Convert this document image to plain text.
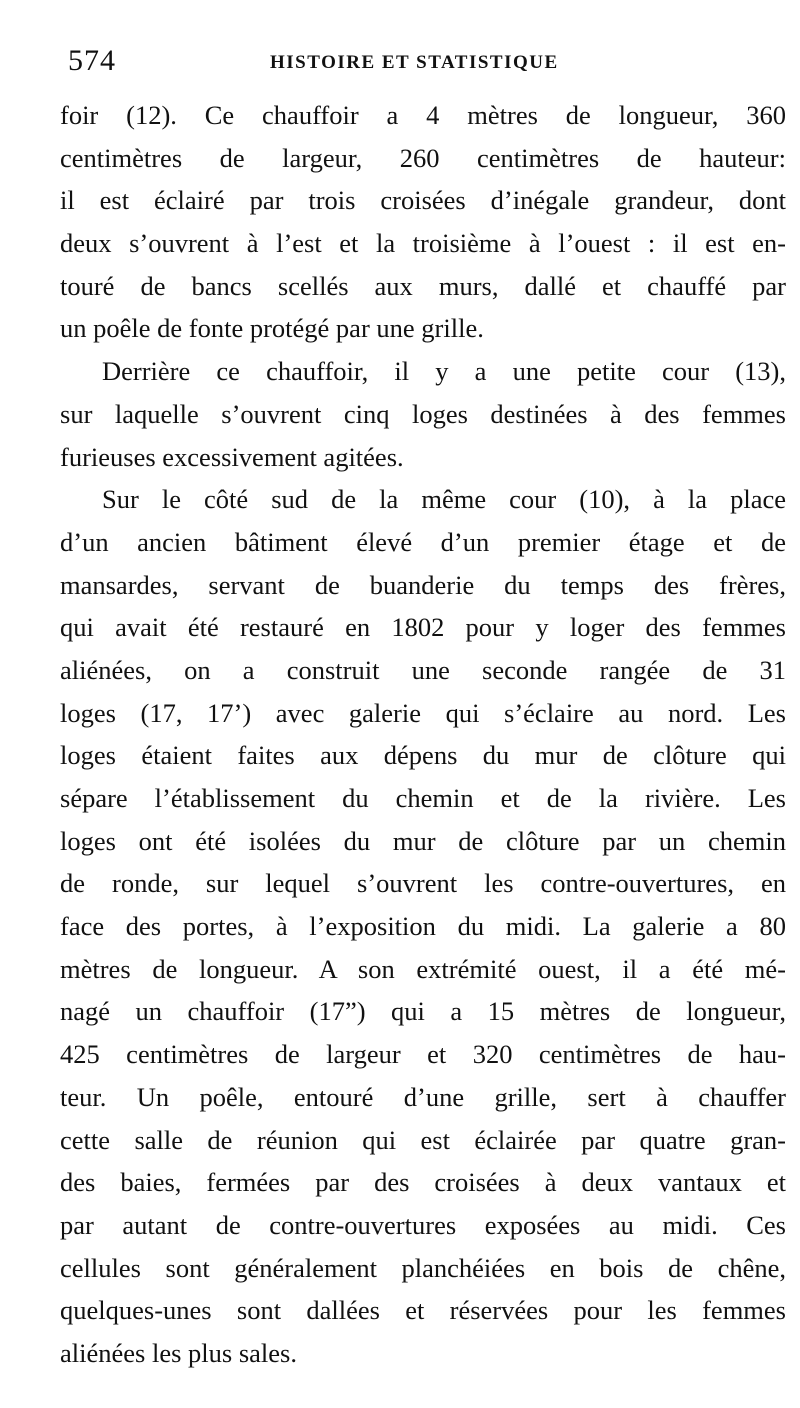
574	HISTOIRE ET STATISTIQUE
foir (12). Ce chauffoir a 4 mètres de longueur, 360
centimètres de largeur, 260 centimètres de hauteur:
il est éclairé par trois croisées d’inégale grandeur, dont
deux s’ouvrent à l’est et la troisième à l’ouest : il est en-
touré de bancs scellés aux murs, dallé et chauffé par
un poêle de fonte protégé par une grille.
Derrière ce chauffoir, il y a une petite cour (13),
sur laquelle s’ouvrent cinq loges destinées à des femmes
furieuses excessivement agitées.
Sur le côté sud de la même cour (10), à la place
d’un ancien bâtiment élevé d’un premier étage et de
mansardes, servant de buanderie du temps des frères,
qui avait été restauré en 1802 pour y loger des femmes
aliénées, on a construit une seconde rangée de 31
loges (17, 17’) avec galerie qui s’éclaire au nord. Les
loges étaient faites aux dépens du mur de clôture qui
sépare l’établissement du chemin et de la rivière. Les
loges ont été isolées du mur de clôture par un chemin
de ronde, sur lequel s’ouvrent les contre-ouvertures, en
face des portes, à l’exposition du midi. La galerie a 80
mètres de longueur. A son extrémité ouest, il a été mé-
nagé un chauffoir (17”) qui a 15 mètres de longueur,
425 centimètres de largeur et 320 centimètres de hau-
teur. Un poêle, entouré d’une grille, sert à chauffer
cette salle de réunion qui est éclairée par quatre gran-
des baies, fermées par des croisées à deux vantaux et
par autant de contre-ouvertures exposées au midi. Ces
cellules sont généralement planchéiées en bois de chêne,
quelques-unes sont dallées et réservées pour les femmes
aliénées les plus sales.
